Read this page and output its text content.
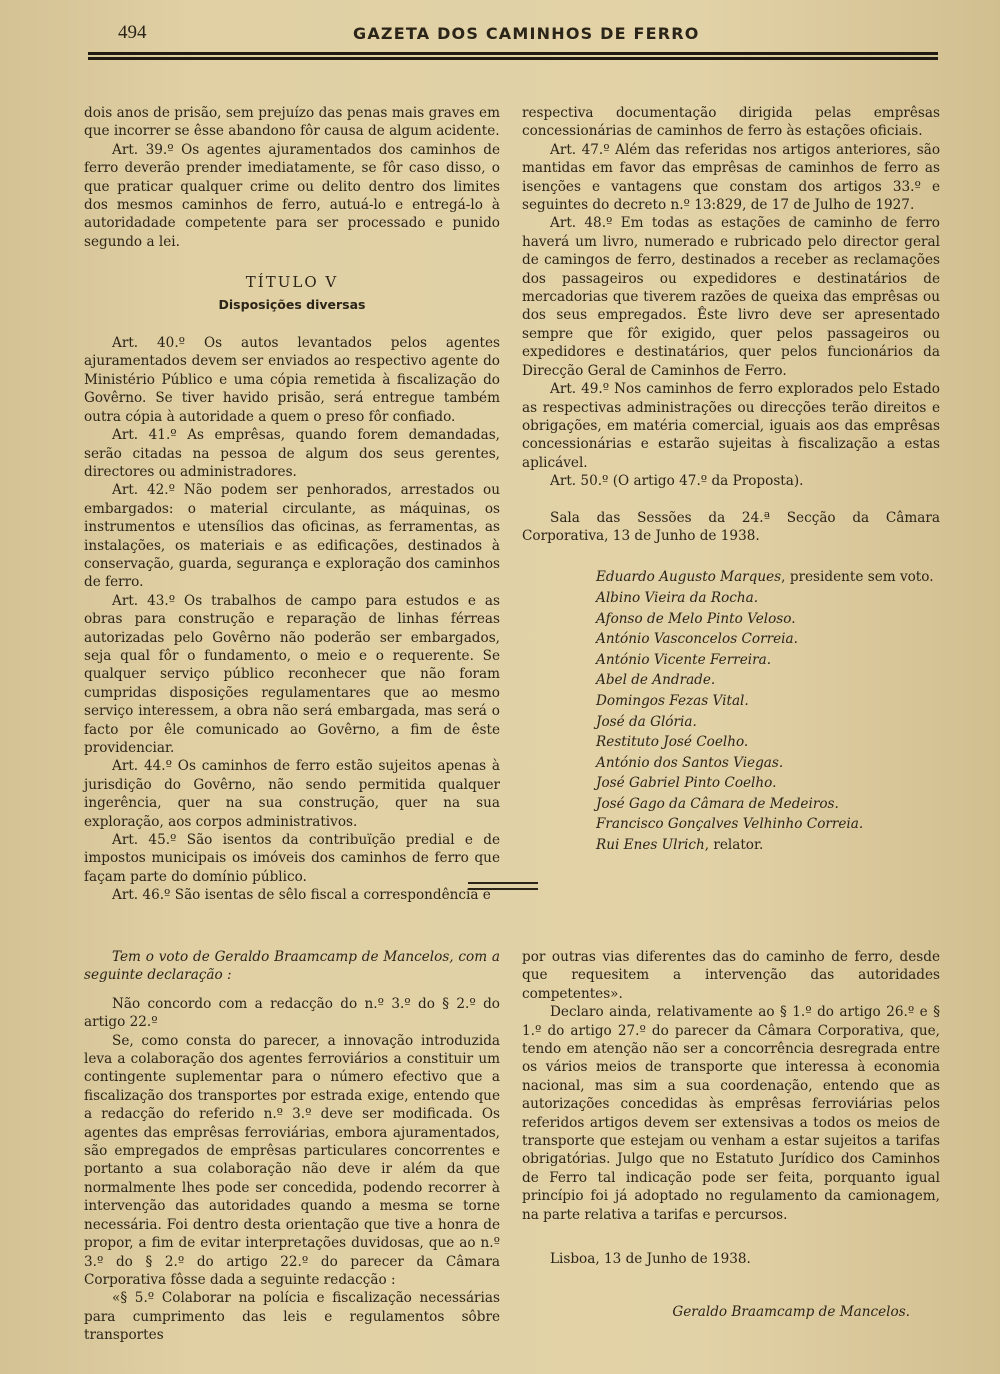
494	GAZETA DOS CAMINHOS DE FERRO

dois anos de prisão, sem prejuízo das penas mais graves em que incorrer se êsse abandono fôr causa de algum acidente.

Art. 39.º Os agentes ajuramentados dos caminhos de ferro deverão prender imediatamente, se fôr caso disso, o que praticar qualquer crime ou delito dentro dos limites dos mesmos caminhos de ferro, autuá-lo e entregá-lo à autoridadade competente para ser processado e punido segundo a lei.

TÍTULO V
Disposições diversas

Art. 40.º Os autos levantados pelos agentes ajuramentados devem ser enviados ao respectivo agente do Ministério Público e uma cópia remetida à fiscalização do Govêrno. Se tiver havido prisão, será entregue também outra cópia à autoridade a quem o preso fôr confiado.

Art. 41.º As emprêsas, quando forem demandadas, serão citadas na pessoa de algum dos seus gerentes, directores ou administradores.

Art. 42.º Não podem ser penhorados, arrestados ou embargados: o material circulante, as máquinas, os instrumentos e utensílios das oficinas, as ferramentas, as instalações, os materiais e as edificações, destinados à conservação, guarda, segurança e exploração dos caminhos de ferro.

Art. 43.º Os trabalhos de campo para estudos e as obras para construção e reparação de linhas férreas autorizadas pelo Govêrno não poderão ser embargados, seja qual fôr o fundamento, o meio e o requerente. Se qualquer serviço público reconhecer que não foram cumpridas disposições regulamentares que ao mesmo serviço interessem, a obra não será embargada, mas será o facto por êle comunicado ao Govêrno, a fim de êste providenciar.

Art. 44.º Os caminhos de ferro estão sujeitos apenas à jurisdição do Govêrno, não sendo permitida qualquer ingerência, quer na sua construção, quer na sua exploração, aos corpos administrativos.

Art. 45.º São isentos da contribuïção predial e de impostos municipais os imóveis dos caminhos de ferro que façam parte do domínio público.

Art. 46.º São isentas de sêlo fiscal a correspondência e

respectiva documentação dirigida pelas emprêsas concessionárias de caminhos de ferro às estações oficiais.

Art. 47.º Além das referidas nos artigos anteriores, são mantidas em favor das emprêsas de caminhos de ferro as isenções e vantagens que constam dos artigos 33.º e seguintes do decreto n.º 13:829, de 17 de Julho de 1927.

Art. 48.º Em todas as estações de caminho de ferro haverá um livro, numerado e rubricado pelo director geral de camingos de ferro, destinados a receber as reclamações dos passageiros ou expedidores e destinatários de mercadorias que tiverem razões de queixa das emprêsas ou dos seus empregados. Êste livro deve ser apresentado sempre que fôr exigido, quer pelos passageiros ou expedidores e destinatários, quer pelos funcionários da Direcção Geral de Caminhos de Ferro.

Art. 49.º Nos caminhos de ferro explorados pelo Estado as respectivas administrações ou direcções terão direitos e obrigações, em matéria comercial, iguais aos das emprêsas concessionárias e estarão sujeitas à fiscalização a estas aplicável.

Art. 50.º (O artigo 47.º da Proposta).

Sala das Sessões da 24.ª Secção da Câmara Corporativa, 13 de Junho de 1938.

Eduardo Augusto Marques, presidente sem voto.
Albino Vieira da Rocha.
Afonso de Melo Pinto Veloso.
António Vasconcelos Correia.
António Vicente Ferreira.
Abel de Andrade.
Domingos Fezas Vital.
José da Glória.
Restituto José Coelho.
António dos Santos Viegas.
José Gabriel Pinto Coelho.
José Gago da Câmara de Medeiros.
Francisco Gonçalves Velhinho Correia.
Rui Enes Ulrich, relator.

Tem o voto de Geraldo Braamcamp de Mancelos, com a seguinte declaração :

Não concordo com a redacção do n.º 3.º do § 2.º do artigo 22.º

Se, como consta do parecer, a innovação introduzida leva a colaboração dos agentes ferroviários a constituir um contingente suplementar para o número efectivo que a fiscalização dos transportes por estrada exige, entendo que a redacção do referido n.º 3.º deve ser modificada. Os agentes das emprêsas ferroviárias, embora ajuramentados, são empregados de emprêsas particulares concorrentes e portanto a sua colaboração não deve ir além da que normalmente lhes pode ser concedida, podendo recorrer à intervenção das autoridades quando a mesma se torne necessária. Foi dentro desta orientação que tive a honra de propor, a fim de evitar interpretações duvidosas, que ao n.º 3.º do § 2.º do artigo 22.º do parecer da Câmara Corporativa fôsse dada a seguinte redacção :

«§ 5.º Colaborar na polícia e fiscalização necessárias para cumprimento das leis e regulamentos sôbre transportes

por outras vias diferentes das do caminho de ferro, desde que requesitem a intervenção das autoridades competentes».

Declaro ainda, relativamente ao § 1.º do artigo 26.º e § 1.º do artigo 27.º do parecer da Câmara Corporativa, que, tendo em atenção não ser a concorrência desregrada entre os vários meios de transporte que interessa à economia nacional, mas sim a sua coordenação, entendo que as autorizações concedidas às emprêsas ferroviárias pelos referidos artigos devem ser extensivas a todos os meios de transporte que estejam ou venham a estar sujeitos a tarifas obrigatórias. Julgo que no Estatuto Jurídico dos Caminhos de Ferro tal indicação pode ser feita, porquanto igual princípio foi já adoptado no regulamento da camionagem, na parte relativa a tarifas e percursos.

Lisboa, 13 de Junho de 1938.

Geraldo Braamcamp de Mancelos.
